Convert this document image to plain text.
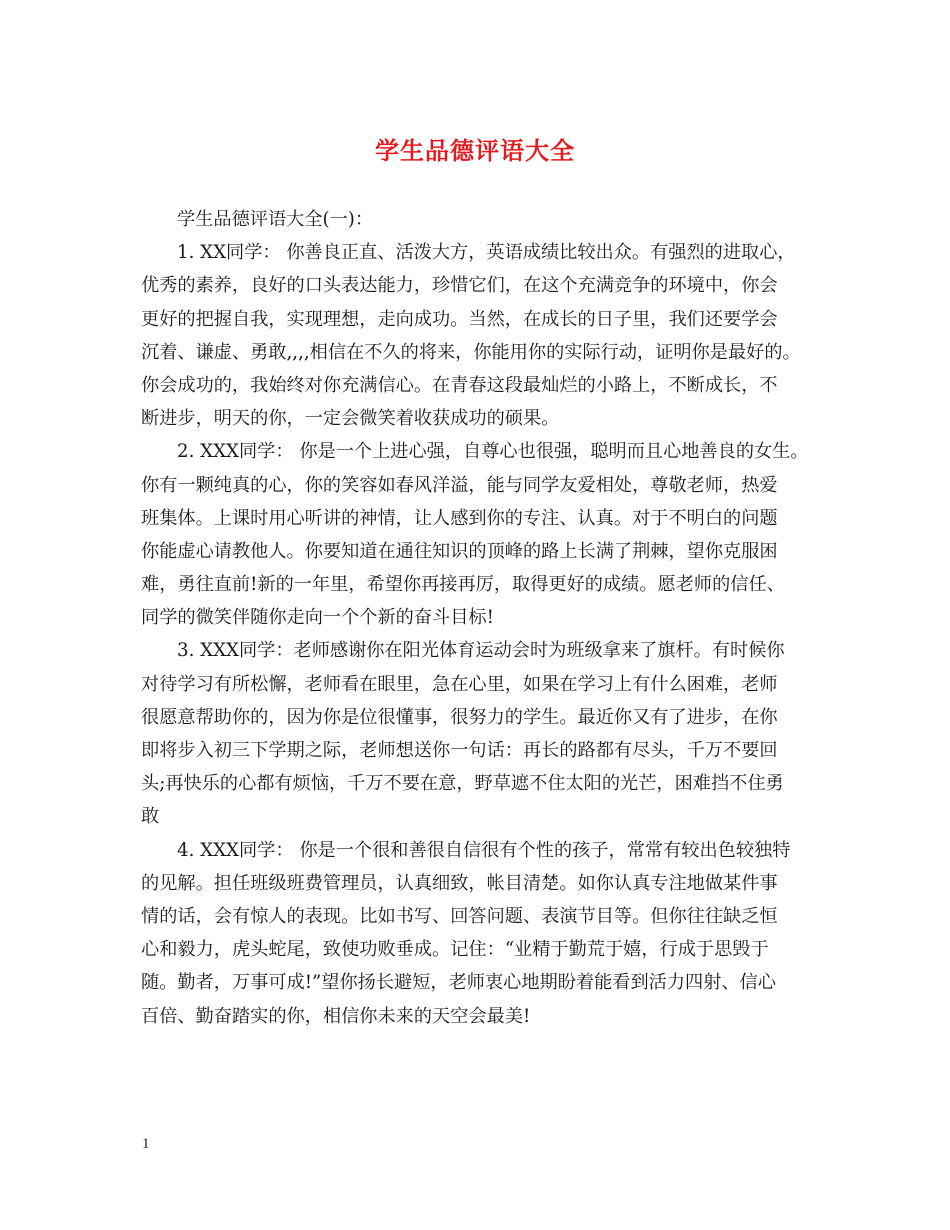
学生品德评语大全
学生品德评语大全(一)：
1. XX同学： 你善良正直、活泼大方，英语成绩比较出众。有强烈的进取心，
优秀的素养，良好的口头表达能力，珍惜它们，在这个充满竞争的环境中，你会
更好的把握自我，实现理想，走向成功。当然，在成长的日子里，我们还要学会
沉着、谦虚、勇敢,,,,相信在不久的将来，你能用你的实际行动，证明你是最好的。
你会成功的，我始终对你充满信心。在青春这段最灿烂的小路上，不断成长，不
断进步，明天的你，一定会微笑着收获成功的硕果。
2. XXX同学： 你是一个上进心强，自尊心也很强，聪明而且心地善良的女生。
你有一颗纯真的心，你的笑容如春风洋溢，能与同学友爱相处，尊敬老师，热爱
班集体。上课时用心听讲的神情，让人感到你的专注、认真。对于不明白的问题
你能虚心请教他人。你要知道在通往知识的顶峰的路上长满了荆棘，望你克服困
难，勇往直前!新的一年里，希望你再接再厉，取得更好的成绩。愿老师的信任、
同学的微笑伴随你走向一个个新的奋斗目标!
3. XXX同学：老师感谢你在阳光体育运动会时为班级拿来了旗杆。有时候你
对待学习有所松懈，老师看在眼里，急在心里，如果在学习上有什么困难，老师
很愿意帮助你的，因为你是位很懂事，很努力的学生。最近你又有了进步，在你
即将步入初三下学期之际，老师想送你一句话：再长的路都有尽头，千万不要回
头;再快乐的心都有烦恼，千万不要在意，野草遮不住太阳的光芒，困难挡不住勇
敢
4. XXX同学： 你是一个很和善很自信很有个性的孩子，常常有较出色较独特
的见解。担任班级班费管理员，认真细致，帐目清楚。如你认真专注地做某件事
情的话，会有惊人的表现。比如书写、回答问题、表演节目等。但你往往缺乏恒
心和毅力，虎头蛇尾，致使功败垂成。记住：“业精于勤荒于嬉，行成于思毁于
随。勤者，万事可成!”望你扬长避短，老师衷心地期盼着能看到活力四射、信心
百倍、勤奋踏实的你，相信你未来的天空会最美!
1
